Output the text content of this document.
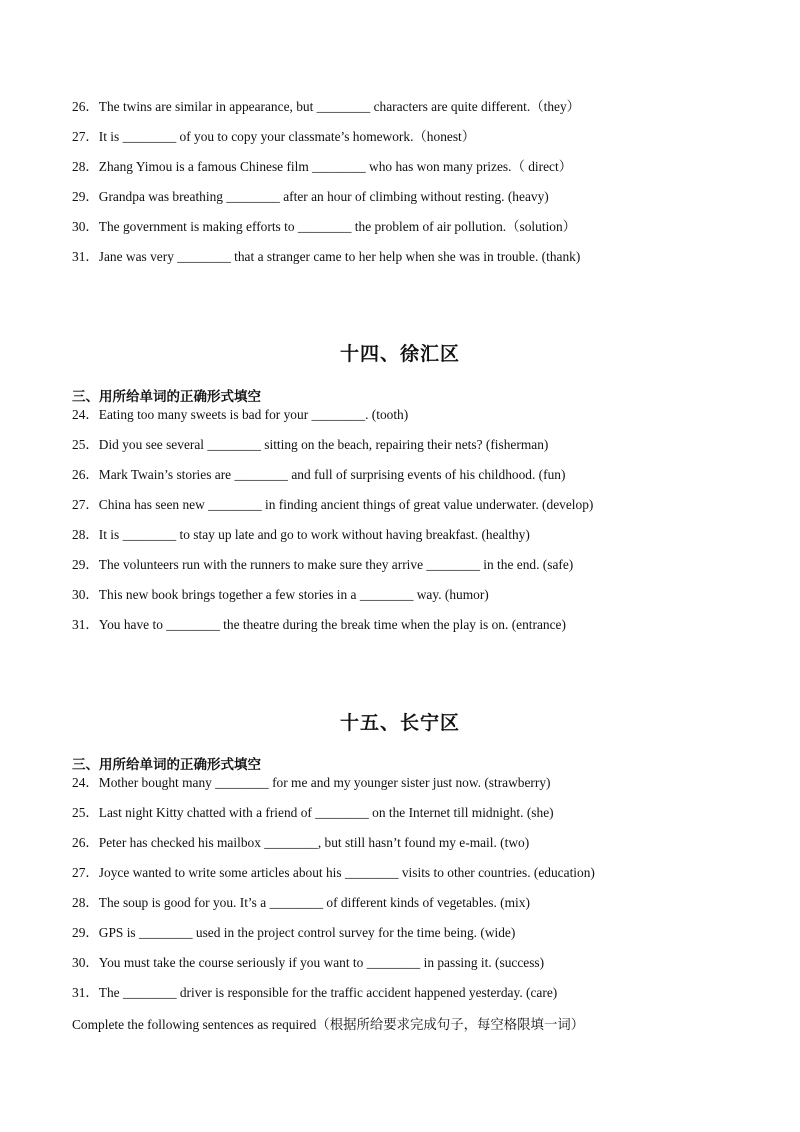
26．The twins are similar in appearance, but ________ characters are quite different.（they）
27．It is ________ of you to copy your classmate’s homework.（honest）
28．Zhang Yimou is a famous Chinese film ________ who has won many prizes.（ direct）
29．Grandpa was breathing ________ after an hour of climbing without resting. (heavy)
30．The government is making efforts to ________ the problem of air pollution.（solution）
31．Jane was very ________ that a stranger came to her help when she was in trouble. (thank)
十四、徐汇区
三、用所给单词的正确形式填空
24．Eating too many sweets is bad for your ________. (tooth)
25．Did you see several ________ sitting on the beach, repairing their nets? (fisherman)
26．Mark Twain’s stories are ________ and full of surprising events of his childhood. (fun)
27．China has seen new ________ in finding ancient things of great value underwater. (develop)
28．It is ________ to stay up late and go to work without having breakfast. (healthy)
29．The volunteers run with the runners to make sure they arrive ________ in the end. (safe)
30．This new book brings together a few stories in a ________ way. (humor)
31．You have to ________ the theatre during the break time when the play is on. (entrance)
十五、长宁区
三、用所给单词的正确形式填空
24．Mother bought many ________ for me and my younger sister just now. (strawberry)
25．Last night Kitty chatted with a friend of ________ on the Internet till midnight. (she)
26．Peter has checked his mailbox ________, but still hasn’t found my e-mail. (two)
27．Joyce wanted to write some articles about his ________ visits to other countries. (education)
28．The soup is good for you. It’s a ________ of different kinds of vegetables. (mix)
29．GPS is ________ used in the project control survey for the time being. (wide)
30．You must take the course seriously if you want to ________ in passing it. (success)
31．The ________ driver is responsible for the traffic accident happened yesterday. (care)
Complete the following sentences as required（根据所给要求完成句子，每空格限填一词）
